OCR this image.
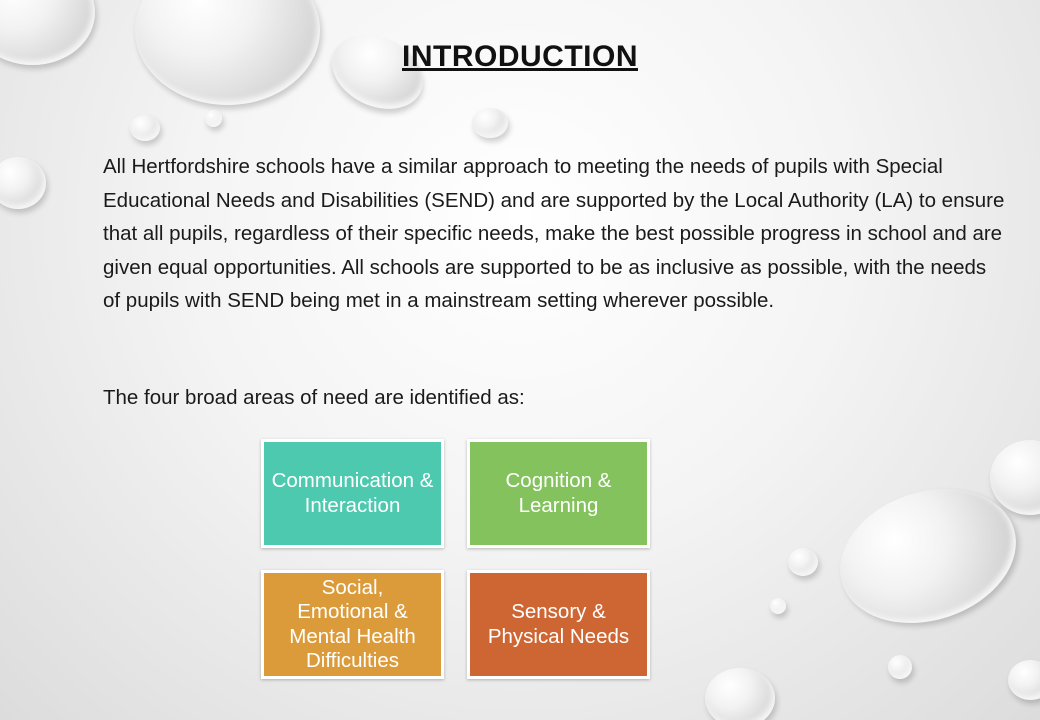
INTRODUCTION

All Hertfordshire schools have a similar approach to meeting the needs of pupils with Special Educational Needs and Disabilities (SEND) and are supported by the Local Authority (LA) to ensure that all pupils, regardless of their specific needs, make the best possible progress in school and are given equal opportunities. All schools are supported to be as inclusive as possible, with the needs of pupils with SEND being met in a mainstream setting wherever possible.

The four broad areas of need are identified as:

Communication & Interaction
Cognition & Learning
Social, Emotional & Mental Health Difficulties
Sensory & Physical Needs
